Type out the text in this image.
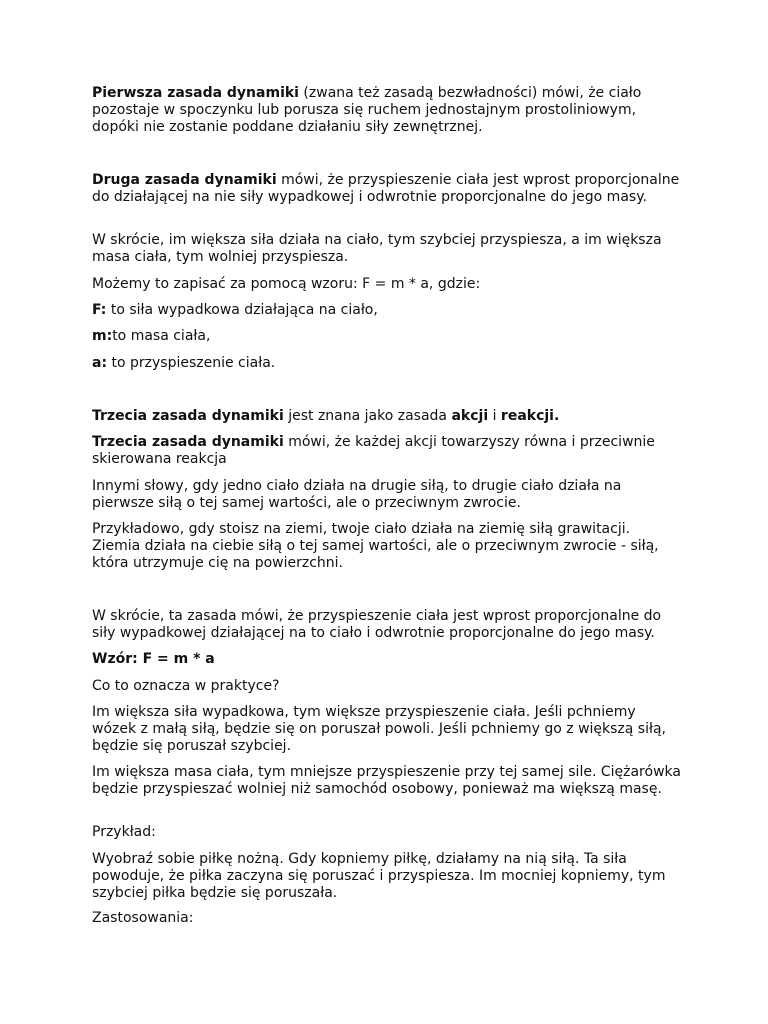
Pierwsza zasada dynamiki (zwana też zasadą bezwładności) mówi, że ciało pozostaje w spoczynku lub porusza się ruchem jednostajnym prostoliniowym, dopóki nie zostanie poddane działaniu siły zewnętrznej.

Druga zasada dynamiki mówi, że przyspieszenie ciała jest wprost proporcjonalne do działającej na nie siły wypadkowej i odwrotnie proporcjonalne do jego masy.

W skrócie, im większa siła działa na ciało, tym szybciej przyspiesza, a im większa masa ciała, tym wolniej przyspiesza.

Możemy to zapisać za pomocą wzoru: F = m * a, gdzie:

F: to siła wypadkowa działająca na ciało,

m:to masa ciała,

a: to przyspieszenie ciała.

Trzecia zasada dynamiki jest znana jako zasada akcji i reakcji.

Trzecia zasada dynamiki mówi, że każdej akcji towarzyszy równa i przeciwnie skierowana reakcja

Innymi słowy, gdy jedno ciało działa na drugie siłą, to drugie ciało działa na pierwsze siłą o tej samej wartości, ale o przeciwnym zwrocie.

Przykładowo, gdy stoisz na ziemi, twoje ciało działa na ziemię siłą grawitacji. Ziemia działa na ciebie siłą o tej samej wartości, ale o przeciwnym zwrocie - siłą, która utrzymuje cię na powierzchni.

W skrócie, ta zasada mówi, że przyspieszenie ciała jest wprost proporcjonalne do siły wypadkowej działającej na to ciało i odwrotnie proporcjonalne do jego masy.

Wzór: F = m * a

Co to oznacza w praktyce?

Im większa siła wypadkowa, tym większe przyspieszenie ciała. Jeśli pchniemy wózek z małą siłą, będzie się on poruszał powoli. Jeśli pchniemy go z większą siłą, będzie się poruszał szybciej.

Im większa masa ciała, tym mniejsze przyspieszenie przy tej samej sile. Ciężarówka będzie przyspieszać wolniej niż samochód osobowy, ponieważ ma większą masę.

Przykład:

Wyobraź sobie piłkę nożną. Gdy kopniemy piłkę, działamy na nią siłą. Ta siła powoduje, że piłka zaczyna się poruszać i przyspiesza. Im mocniej kopniemy, tym szybciej piłka będzie się poruszała.

Zastosowania:
